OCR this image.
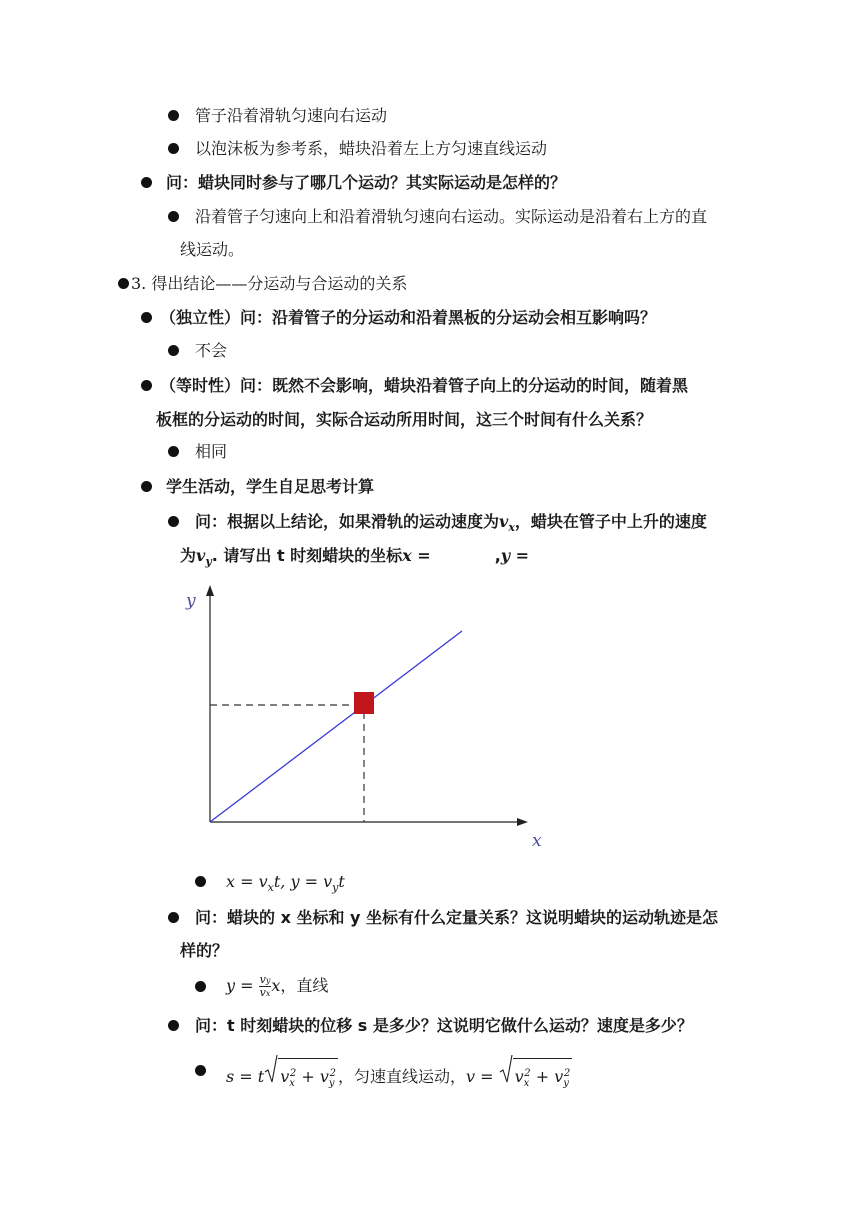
管子沿着滑轨匀速向右运动
以泡沫板为参考系，蜡块沿着左上方匀速直线运动
问：蜡块同时参与了哪几个运动？其实际运动是怎样的？
沿着管子匀速向上和沿着滑轨匀速向右运动。实际运动是沿着右上方的直
线运动。
3. 得出结论——分运动与合运动的关系
（独立性）问：沿着管子的分运动和沿着黑板的分运动会相互影响吗？
不会
（等时性）问：既然不会影响，蜡块沿着管子向上的分运动的时间，随着黑
板框的分运动的时间，实际合运动所用时间，这三个时间有什么关系？
相同
学生活动，学生自足思考计算
问：根据以上结论，如果滑轨的运动速度为$v_x$，蜡块在管子中上升的速度
为$v_y$. 请写出 t 时刻蜡块的坐标x =	,y =
y
x
$x = v_xt$, $y = v_yt$
问：蜡块的 x 坐标和 y 坐标有什么定量关系？这说明蜡块的运动轨迹是怎
样的？
$y = \frac{vy}{vx}$ x，直线
问：t 时刻蜡块的位移 s 是多少？这说明它做什么运动？速度是多少？
s = t $v_x^2 + v_y^2$ ，匀速直线运动，$v = v_x^2 + v_y^2$
